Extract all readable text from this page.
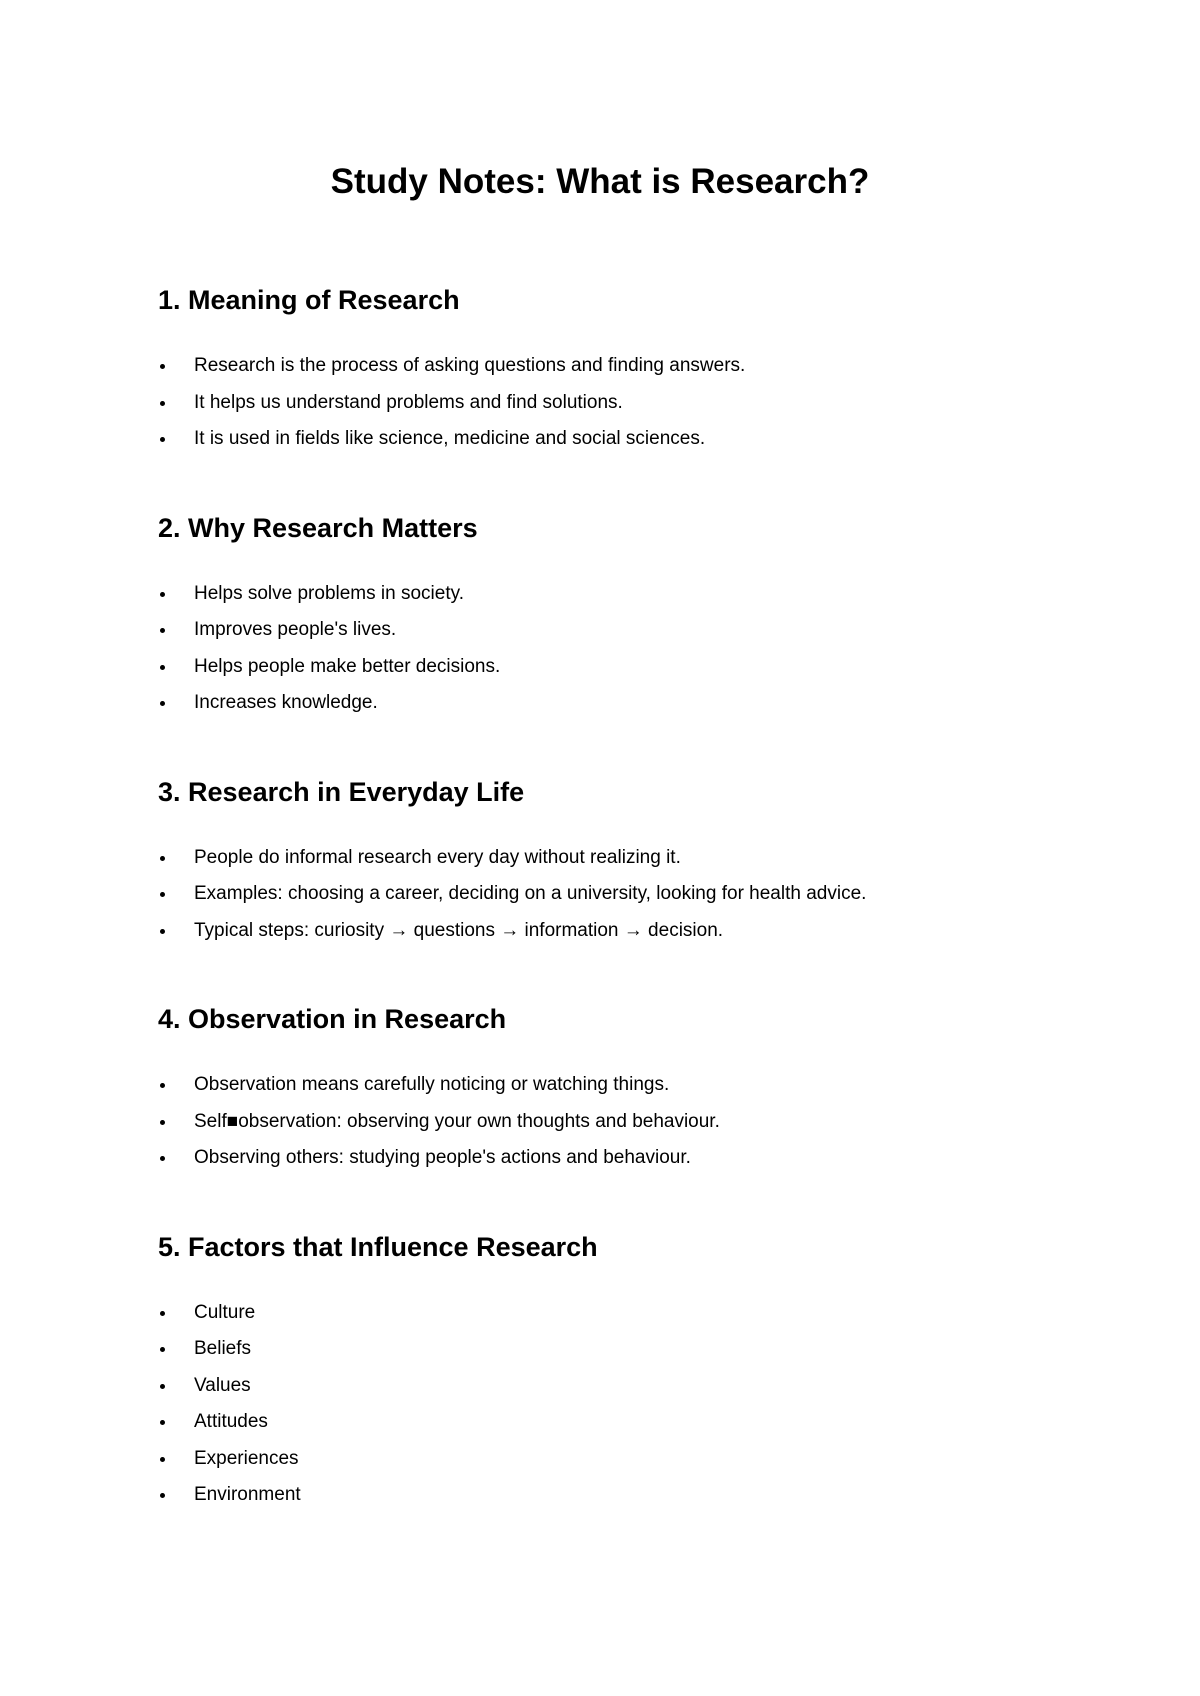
Study Notes: What is Research?
1. Meaning of Research
Research is the process of asking questions and finding answers.
It helps us understand problems and find solutions.
It is used in fields like science, medicine and social sciences.
2. Why Research Matters
Helps solve problems in society.
Improves people's lives.
Helps people make better decisions.
Increases knowledge.
3. Research in Everyday Life
People do informal research every day without realizing it.
Examples: choosing a career, deciding on a university, looking for health advice.
Typical steps: curiosity → questions → information → decision.
4. Observation in Research
Observation means carefully noticing or watching things.
Self■observation: observing your own thoughts and behaviour.
Observing others: studying people's actions and behaviour.
5. Factors that Influence Research
Culture
Beliefs
Values
Attitudes
Experiences
Environment
